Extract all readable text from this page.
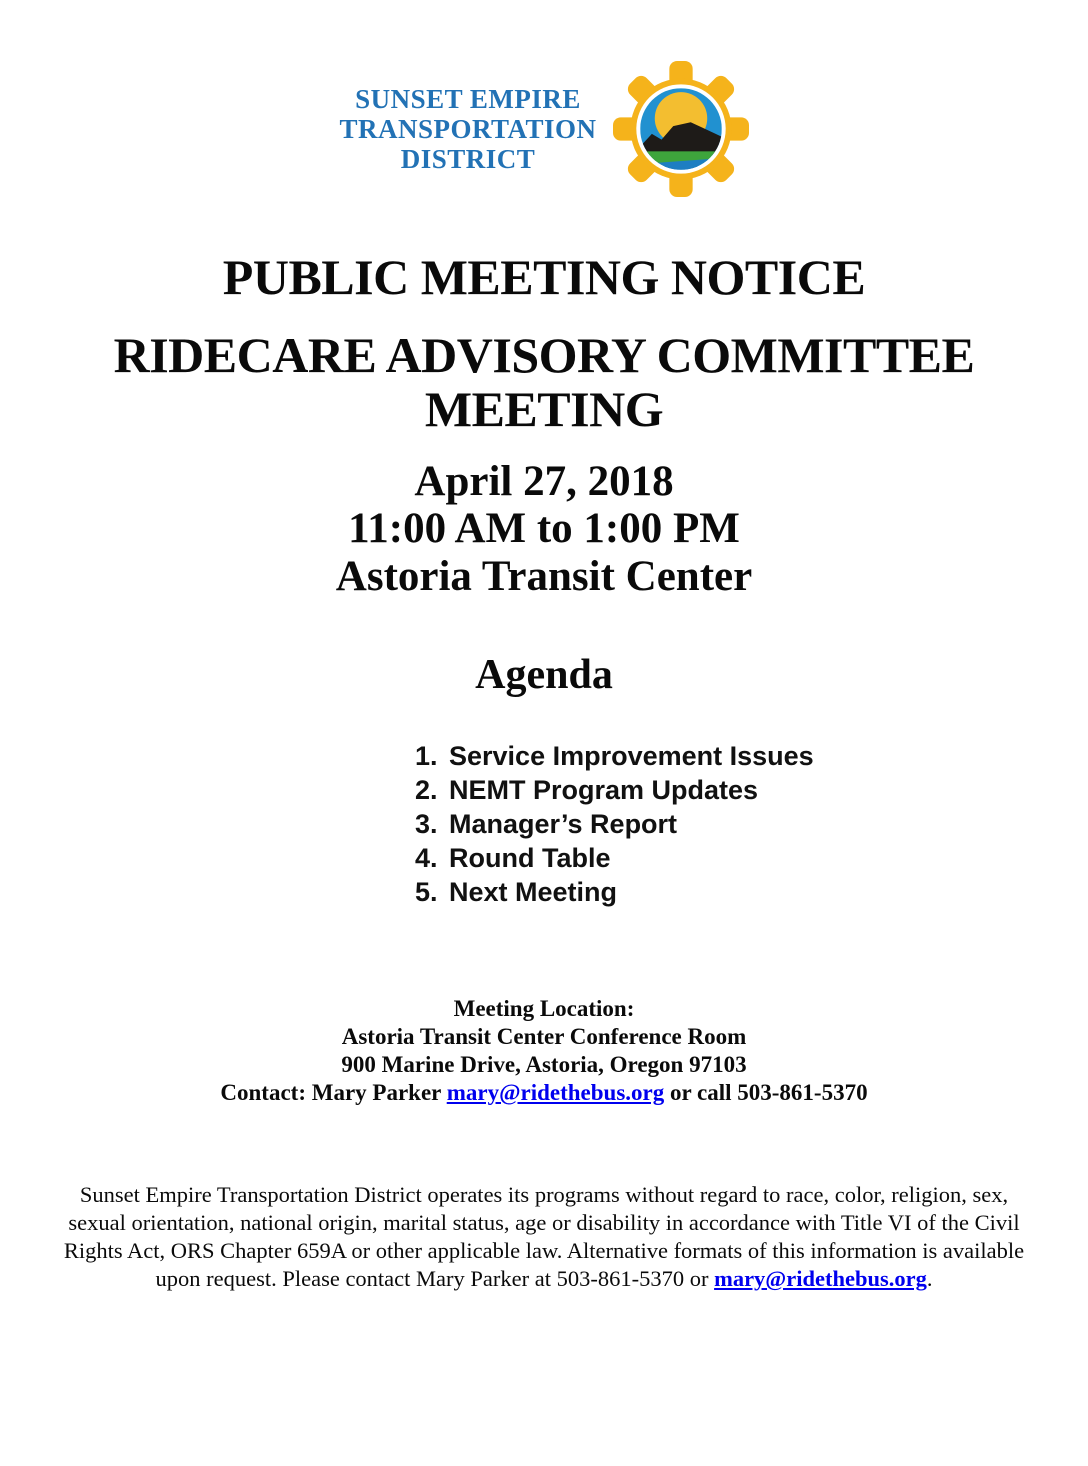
SUNSET EMPIRE
TRANSPORTATION
DISTRICT
PUBLIC MEETING NOTICE
RIDECARE ADVISORY COMMITTEE
MEETING
April 27, 2018
11:00 AM to 1:00 PM
Astoria Transit Center
Agenda
1. Service Improvement Issues
2. NEMT Program Updates
3. Manager’s Report
4. Round Table
5. Next Meeting
Meeting Location:
Astoria Transit Center Conference Room
900 Marine Drive, Astoria, Oregon 97103
Contact: Mary Parker mary@ridethebus.org or call 503-861-5370

Sunset Empire Transportation District operates its programs without regard to race, color, religion, sex, sexual orientation, national origin, marital status, age or disability in accordance with Title VI of the Civil Rights Act, ORS Chapter 659A or other applicable law. Alternative formats of this information is available upon request. Please contact Mary Parker at 503-861-5370 or mary@ridethebus.org.
